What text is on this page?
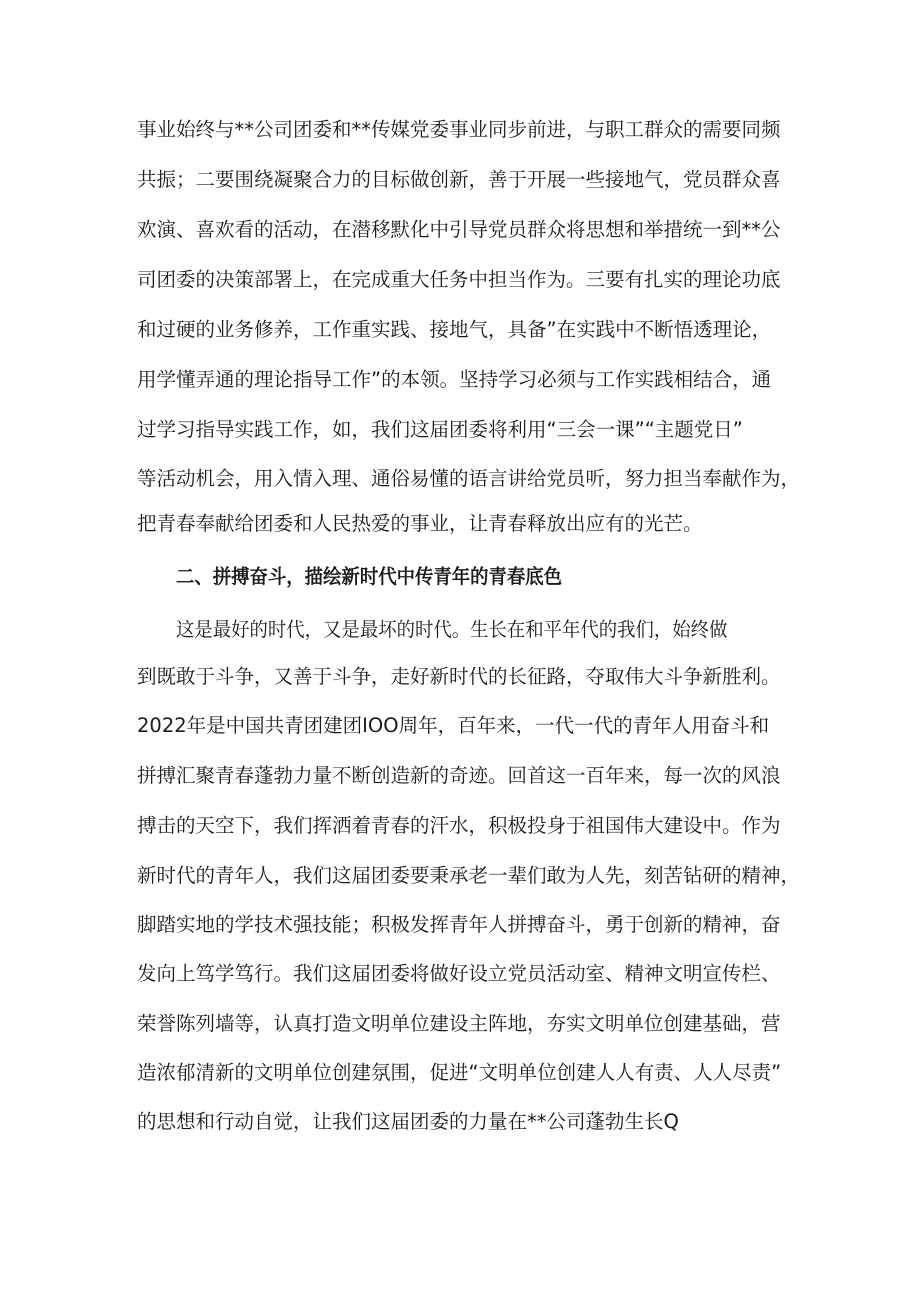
事业始终与**公司团委和**传媒党委事业同步前进，与职工群众的需要同频
共振；二要围绕凝聚合力的目标做创新，善于开展一些接地气，党员群众喜
欢演、喜欢看的活动，在潜移默化中引导党员群众将思想和举措统一到**公
司团委的决策部署上，在完成重大任务中担当作为。三要有扎实的理论功底
和过硬的业务修养，工作重实践、接地气，具备”在实践中不断悟透理论，
用学懂弄通的理论指导工作”的本领。坚持学习必须与工作实践相结合，通
过学习指导实践工作，如，我们这届团委将利用“三会一课”“主题党日”
等活动机会，用入情入理、通俗易懂的语言讲给党员听，努力担当奉献作为，
把青春奉献给团委和人民热爱的事业，让青春释放出应有的光芒。
二、拼搏奋斗，描绘新时代中传青年的青春底色
这是最好的时代，又是最坏的时代。生长在和平年代的我们，始终做
到既敢于斗争，又善于斗争，走好新时代的长征路，夺取伟大斗争新胜利。
2022年是中国共青团建团IOO周年，百年来，一代一代的青年人用奋斗和
拼搏汇聚青春蓬勃力量不断创造新的奇迹。回首这一百年来，每一次的风浪
搏击的天空下，我们挥洒着青春的汗水，积极投身于祖国伟大建设中。作为
新时代的青年人，我们这届团委要秉承老一辈们敢为人先，刻苦钻研的精神，
脚踏实地的学技术强技能；积极发挥青年人拼搏奋斗，勇于创新的精神，奋
发向上笃学笃行。我们这届团委将做好设立党员活动室、精神文明宣传栏、
荣誉陈列墙等，认真打造文明单位建设主阵地，夯实文明单位创建基础，营
造浓郁清新的文明单位创建氛围，促进“文明单位创建人人有责、人人尽责”
的思想和行动自觉，让我们这届团委的力量在**公司蓬勃生长Q
